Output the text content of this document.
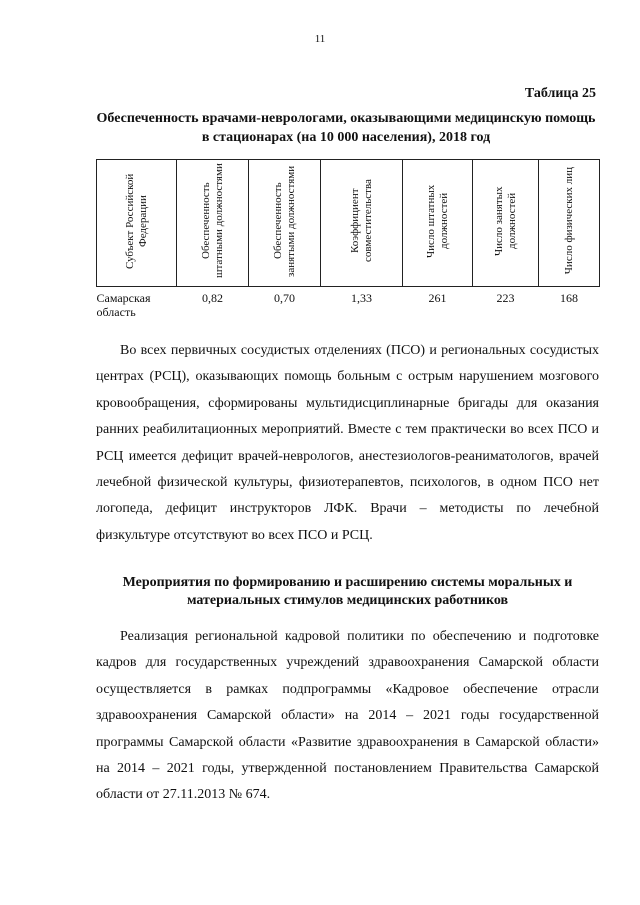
11
Таблица 25
Обеспеченность врачами-неврологами, оказывающими медицинскую помощь в стационарах (на 10 000 населения), 2018 год
Субъект Российской Федерации	Обеспеченность штатными должностями	Обеспеченность занятыми должностями	Коэффициент совместительства	Число штатных должностей	Число занятых должностей	Число физических лиц
Самарская область	0,82	0,70	1,33	261	223	168

Во всех первичных сосудистых отделениях (ПСО) и региональных сосудистых центрах (РСЦ), оказывающих помощь больным с острым нарушением мозгового кровообращения, сформированы мультидисциплинарные бригады для оказания ранних реабилитационных мероприятий. Вместе с тем практически во всех ПСО и РСЦ имеется дефицит врачей-неврологов, анестезиологов-реаниматологов, врачей лечебной физической культуры, физиотерапевтов, психологов, в одном ПСО нет логопеда, дефицит инструкторов ЛФК. Врачи – методисты по лечебной физкультуре отсутствуют во всех ПСО и РСЦ.

Мероприятия по формированию и расширению системы моральных и материальных стимулов медицинских работников

Реализация региональной кадровой политики по обеспечению и подготовке кадров для государственных учреждений здравоохранения Самарской области осуществляется в рамках подпрограммы «Кадровое обеспечение отрасли здравоохранения Самарской области» на 2014 – 2021 годы государственной программы Самарской области «Развитие здравоохранения в Самарской области» на 2014 – 2021 годы, утвержденной постановлением Правительства Самарской области от 27.11.2013 № 674.
